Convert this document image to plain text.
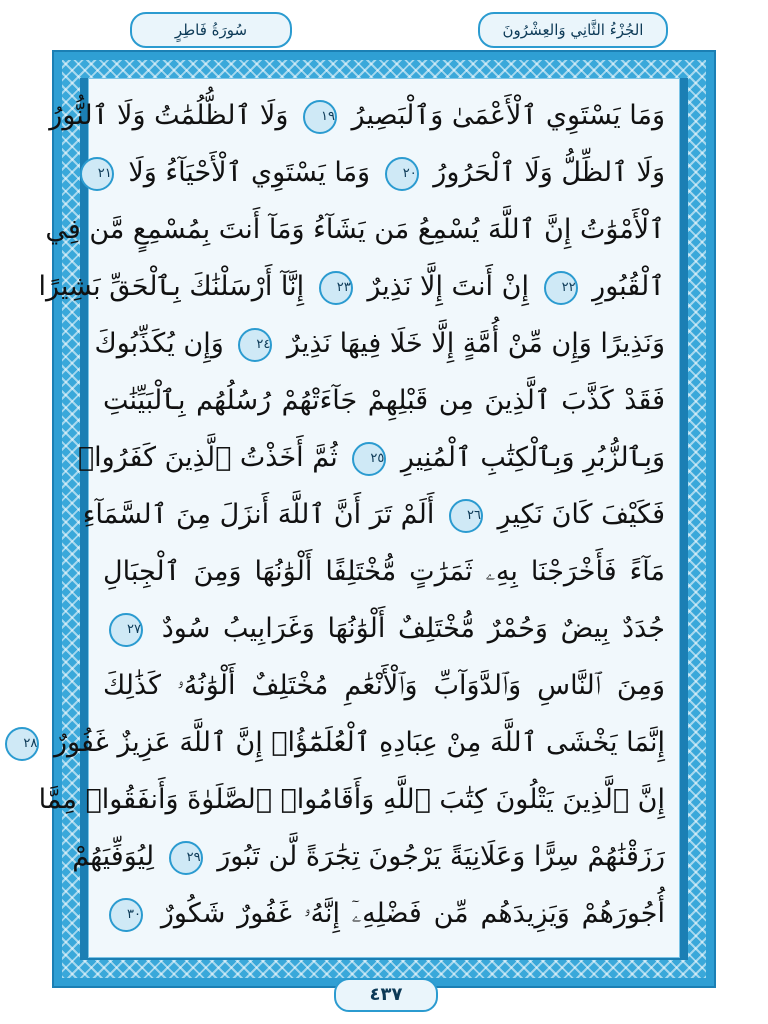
سُورَةُ فَاطِرٍ	الجُزْءُ الثَّانِي وَالعِشْرُونَ
وَمَا يَسْتَوِي ٱلْأَعْمَىٰ وَٱلْبَصِيرُ ١٩ وَلَا ٱلظُّلُمَٰتُ وَلَا ٱلنُّورُ
وَلَا ٱلظِّلُّ وَلَا ٱلْحَرُورُ ٢٠ وَمَا يَسْتَوِي ٱلْأَحْيَآءُ وَلَا ٢١
ٱلْأَمْوَٰتُ إِنَّ ٱللَّهَ يُسْمِعُ مَن يَشَآءُ وَمَآ أَنتَ بِمُسْمِعٍ مَّن فِي
ٱلْقُبُورِ ٢٢ إِنْ أَنتَ إِلَّا نَذِيرٌ ٢٣ إِنَّآ أَرْسَلْنَٰكَ بِٱلْحَقِّ بَشِيرًا
وَنَذِيرًا وَإِن مِّنْ أُمَّةٍ إِلَّا خَلَا فِيهَا نَذِيرٌ ٢٤ وَإِن يُكَذِّبُوكَ
فَقَدْ كَذَّبَ ٱلَّذِينَ مِن قَبْلِهِمْ جَآءَتْهُمْ رُسُلُهُم بِٱلْبَيِّنَٰتِ
وَبِٱلزُّبُرِ وَبِٱلْكِتَٰبِ ٱلْمُنِيرِ ٢٥ ثُمَّ أَخَذْتُ ٱلَّذِينَ كَفَرُوا۟
فَكَيْفَ كَانَ نَكِيرِ ٢٦ أَلَمْ تَرَ أَنَّ ٱللَّهَ أَنزَلَ مِنَ ٱلسَّمَآءِ
مَآءً فَأَخْرَجْنَا بِهِۦ ثَمَرَٰتٍ مُّخْتَلِفًا أَلْوَٰنُهَا وَمِنَ ٱلْجِبَالِ
جُدَدٌ بِيضٌ وَحُمْرٌ مُّخْتَلِفٌ أَلْوَٰنُهَا وَغَرَابِيبُ سُودٌ ٢٧
وَمِنَ ٱلنَّاسِ وَٱلدَّوَآبِّ وَٱلْأَنْعَٰمِ مُخْتَلِفٌ أَلْوَٰنُهُۥ كَذَٰلِكَ
إِنَّمَا يَخْشَى ٱللَّهَ مِنْ عِبَادِهِ ٱلْعُلَمَٰٓؤُا۟ إِنَّ ٱللَّهَ عَزِيزٌ غَفُورٌ ٢٨
إِنَّ ٱلَّذِينَ يَتْلُونَ كِتَٰبَ ٱللَّهِ وَأَقَامُوا۟ ٱلصَّلَوٰةَ وَأَنفَقُوا۟ مِمَّا
رَزَقْنَٰهُمْ سِرًّا وَعَلَانِيَةً يَرْجُونَ تِجَٰرَةً لَّن تَبُورَ ٢٩ لِيُوَفِّيَهُمْ
أُجُورَهُمْ وَيَزِيدَهُم مِّن فَضْلِهِۦٓ إِنَّهُۥ غَفُورٌ شَكُورٌ ٣٠
٤٣٧
